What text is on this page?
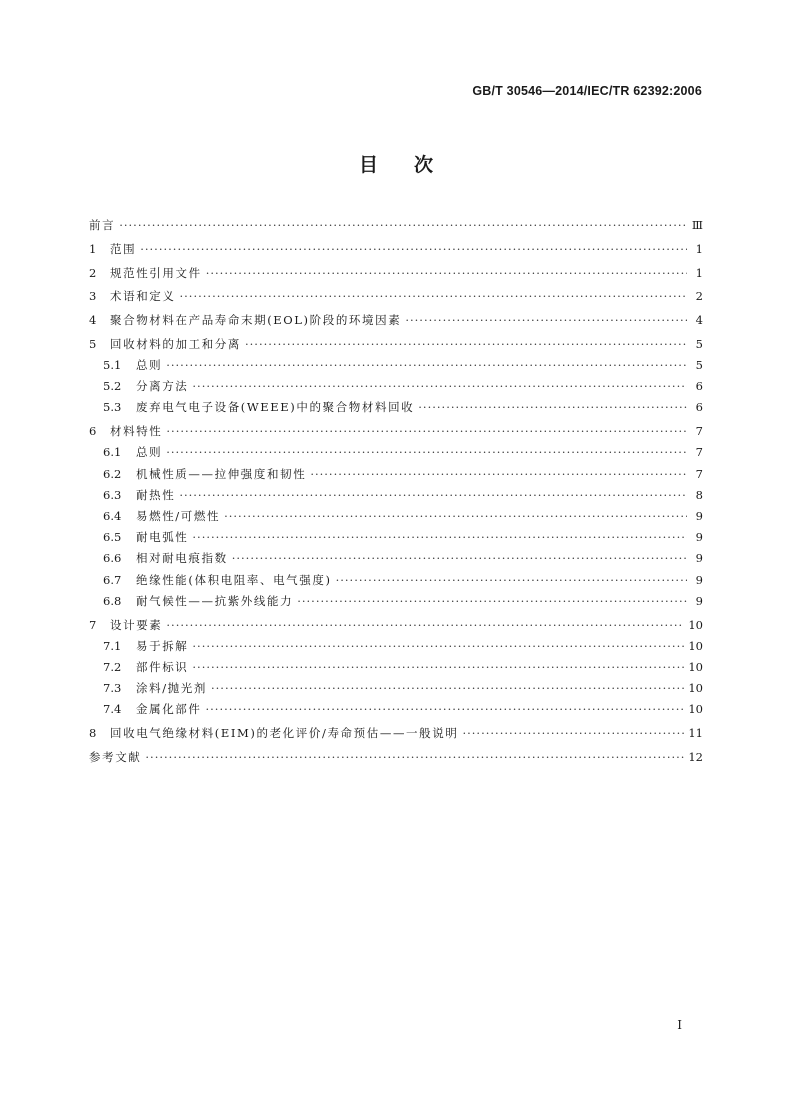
GB/T 30546—2014/IEC/TR 62392:2006
目次
前言 ·····	Ⅲ
1	范围 ·····	1
2	规范性引用文件 ·····	1
3	术语和定义 ·····	2
4	聚合物材料在产品寿命末期(EOL)阶段的环境因素 ·····	4
5	回收材料的加工和分离 ·····	5
5.1	总则 ·····	5
5.2	分离方法 ·····	6
5.3	废弃电气电子设备(WEEE)中的聚合物材料回收 ·····	6
6	材料特性 ·····	7
6.1	总则 ·····	7
6.2	机械性质——拉伸强度和韧性 ·····	7
6.3	耐热性 ·····	8
6.4	易燃性/可燃性 ·····	9
6.5	耐电弧性 ·····	9
6.6	相对耐电痕指数 ·····	9
6.7	绝缘性能(体积电阻率、电气强度) ·····	9
6.8	耐气候性——抗紫外线能力 ·····	9
7	设计要素 ·····	10
7.1	易于拆解 ·····	10
7.2	部件标识 ·····	10
7.3	涂料/抛光剂 ·····	10
7.4	金属化部件 ·····	10
8	回收电气绝缘材料(EIM)的老化评价/寿命预估——一般说明 ·····	11
参考文献 ·····	12
I
